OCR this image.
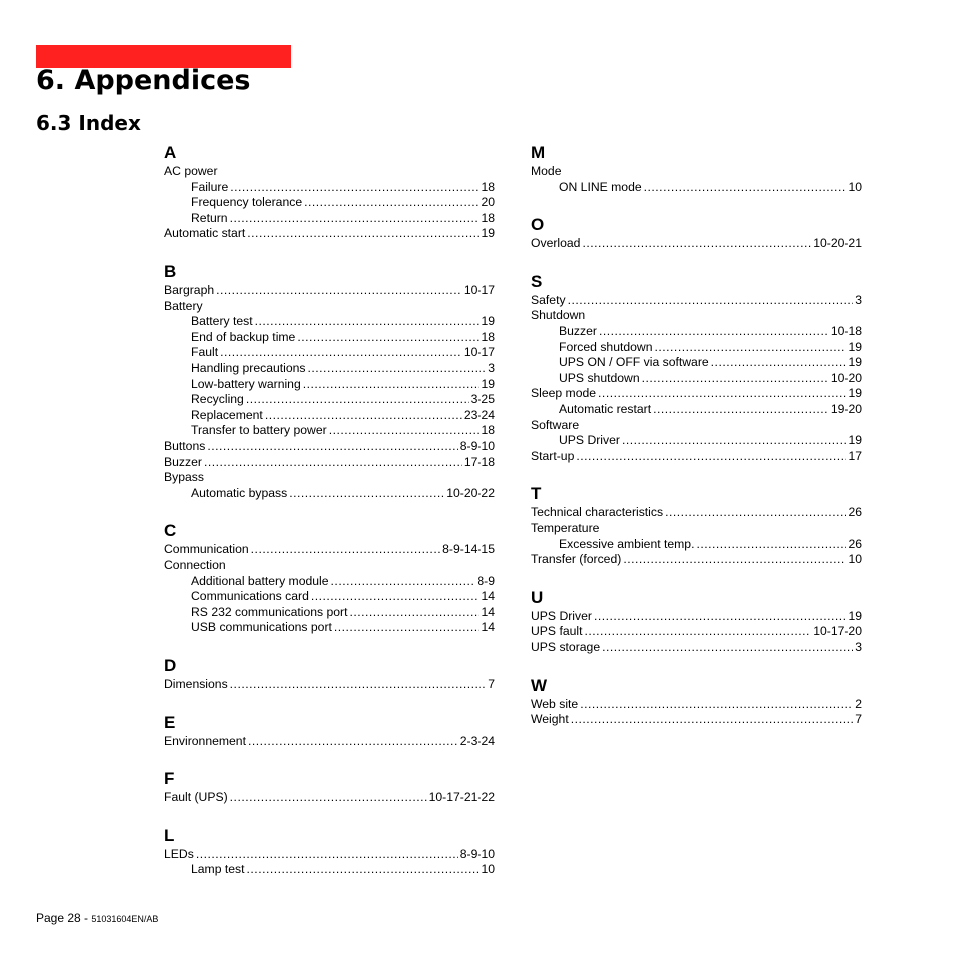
6. Appendices
6.3 Index
A
AC power
Failure .....	18
Frequency tolerance .....	20
Return .....	18
Automatic start .....	19
B
Bargraph .....	10-17
Battery
Battery test .....	19
End of backup time .....	18
Fault .....	10-17
Handling precautions .....	3
Low-battery warning .....	19
Recycling .....	3-25
Replacement .....	23-24
Transfer to battery power .....	18
Buttons .....	8-9-10
Buzzer .....	17-18
Bypass
Automatic bypass .....	10-20-22
C
Communication .....	8-9-14-15
Connection
Additional battery module .....	8-9
Communications card .....	14
RS 232 communications port .....	14
USB communications port .....	14
D
Dimensions .....	7
E
Environnement .....	2-3-24
F
Fault (UPS) .....	10-17-21-22
L
LEDs .....	8-9-10
Lamp test .....	10
M
Mode
ON LINE mode .....	10
O
Overload .....	10-20-21
S
Safety .....	3
Shutdown
Buzzer .....	10-18
Forced shutdown .....	19
UPS ON / OFF via software .....	19
UPS shutdown .....	10-20
Sleep mode .....	19
Automatic restart .....	19-20
Software
UPS Driver .....	19
Start-up .....	17
T
Technical characteristics .....	26
Temperature
Excessive ambient temp. .....	26
Transfer (forced) .....	10
U
UPS Driver .....	19
UPS fault .....	10-17-20
UPS storage .....	3
W
Web site .....	2
Weight .....	7
Page 28 - 51031604EN/AB
